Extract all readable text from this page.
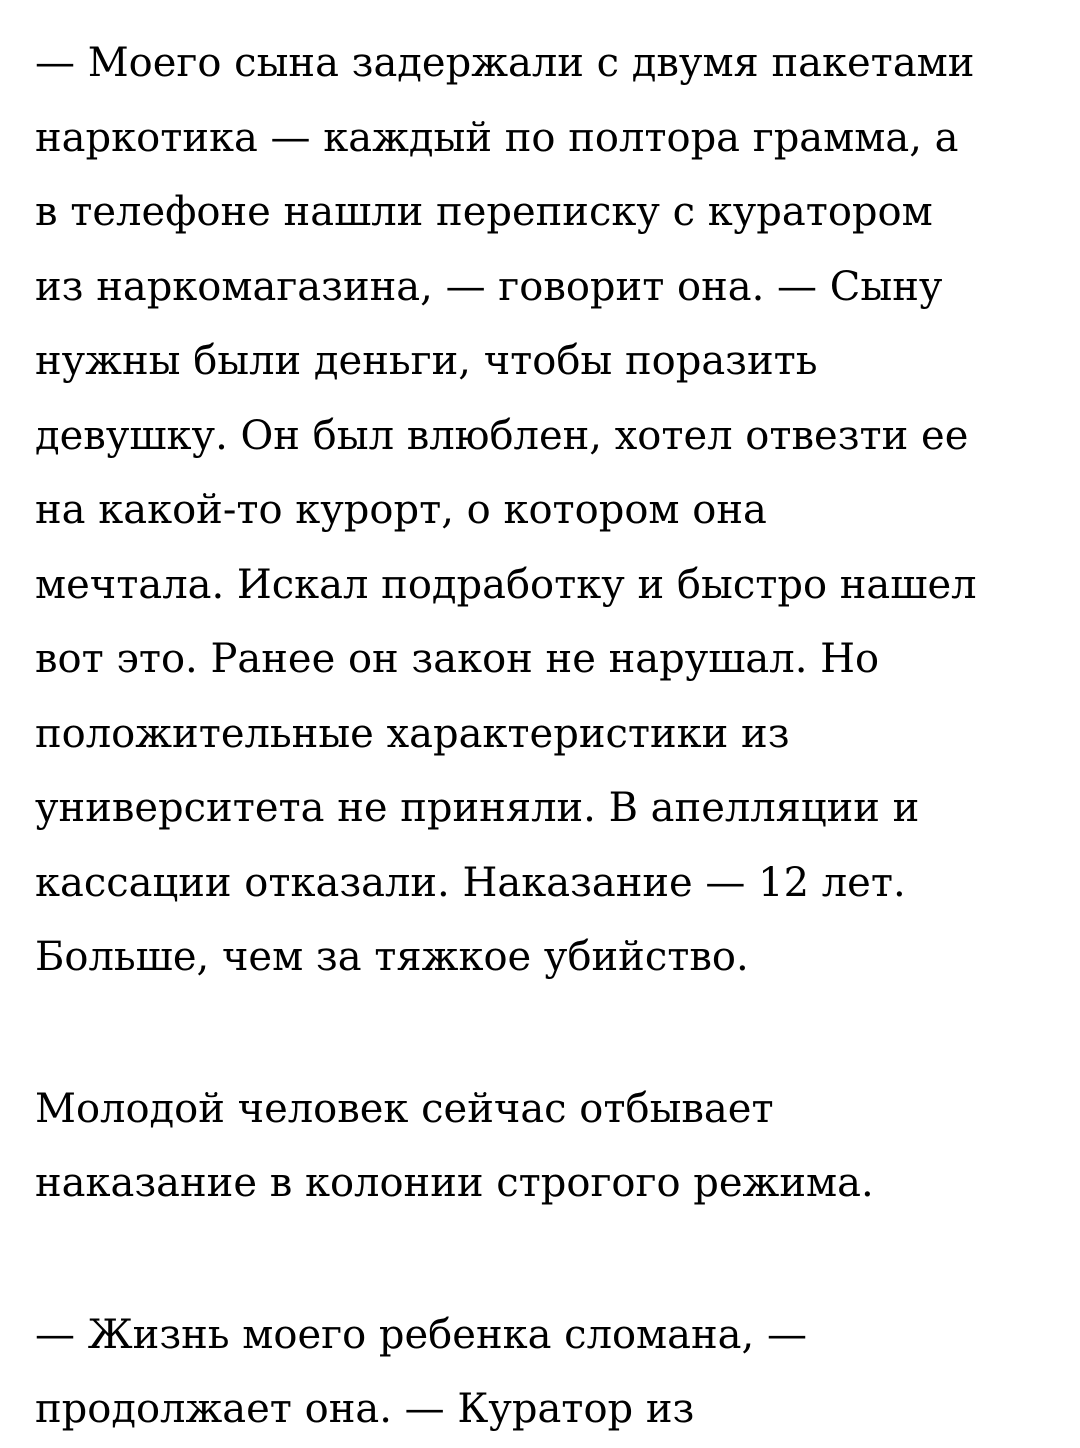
— Моего сына задержали с двумя пакетами
наркотика — каждый по полтора грамма, а
в телефоне нашли переписку с куратором
из наркомагазина, — говорит она. — Сыну
нужны были деньги, чтобы поразить
девушку. Он был влюблен, хотел отвезти ее
на какой-то курорт, о котором она
мечтала. Искал подработку и быстро нашел
вот это. Ранее он закон не нарушал. Но
положительные характеристики из
университета не приняли. В апелляции и
кассации отказали. Наказание — 12 лет.
Больше, чем за тяжкое убийство.

Молодой человек сейчас отбывает
наказание в колонии строгого режима.

— Жизнь моего ребенка сломана, —
продолжает она. — Куратор из
